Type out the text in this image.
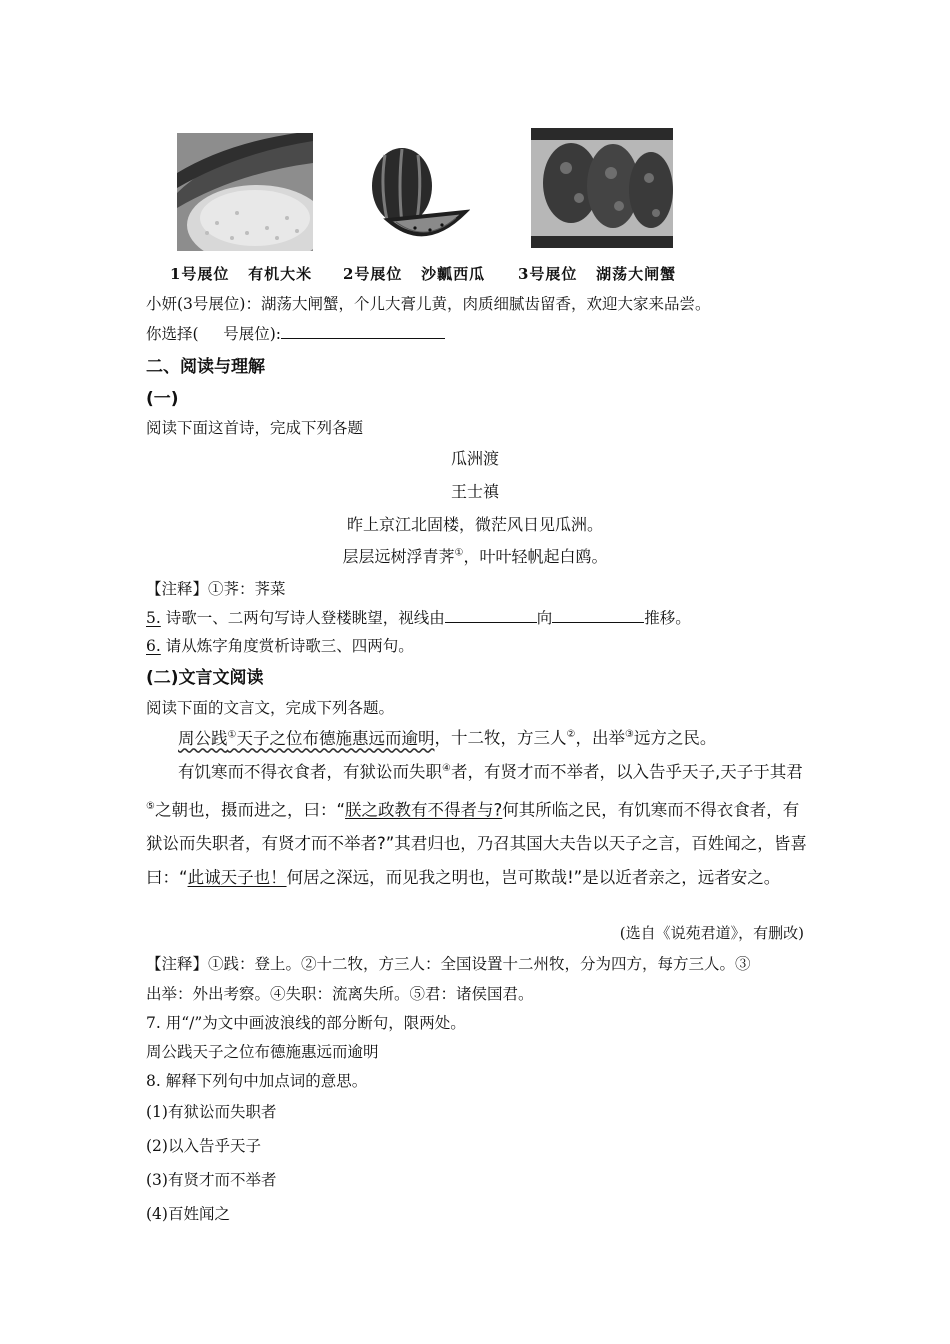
1号展位 有机大米 2号展位 沙瓤西瓜 3号展位 湖荡大闸蟹
小妍(3号展位)：湖荡大闸蟹，个儿大膏儿黄，肉质细腻齿留香，欢迎大家来品尝。
你选择( 号展位):
二、阅读与理解
(一)
阅读下面这首诗，完成下列各题
瓜洲渡
王士禛
昨上京江北固楼，微茫风日见瓜洲。
层层远树浮青荠①，叶叶轻帆起白鸥。
【注释】①荠：荠菜
5. 诗歌一、二两句写诗人登楼眺望，视线由	向	推移。
6. 请从炼字角度赏析诗歌三、四两句。
(二)文言文阅读
阅读下面的文言文，完成下列各题。
周公践①天子之位布德施惠远而逾明，十二牧，方三人②，出举③远方之民。
有饥寒而不得衣食者，有狱讼而失职④者，有贤才而不举者，以入告乎天子,天子于其君⑤之朝也，摄而进之，曰：“朕之政教有不得者与?何其所临之民，有饥寒而不得衣食者，有狱讼而失职者，有贤才而不举者?”其君归也，乃召其国大夫告以天子之言，百姓闻之，皆喜曰：“此诚天子也！何居之深远，而见我之明也，岂可欺哉!”是以近者亲之，远者安之。
(选自《说苑君道》，有删改)
【注释】①践：登上。②十二牧，方三人：全国设置十二州牧，分为四方，每方三人。③
出举：外出考察。④失职：流离失所。⑤君：诸侯国君。
7. 用“/”为文中画波浪线的部分断句，限两处。
周公践天子之位布德施惠远而逾明
8. 解释下列句中加点词的意思。
(1)有狱讼而失职者
(2)以入告乎天子
(3)有贤才而不举者
(4)百姓闻之
